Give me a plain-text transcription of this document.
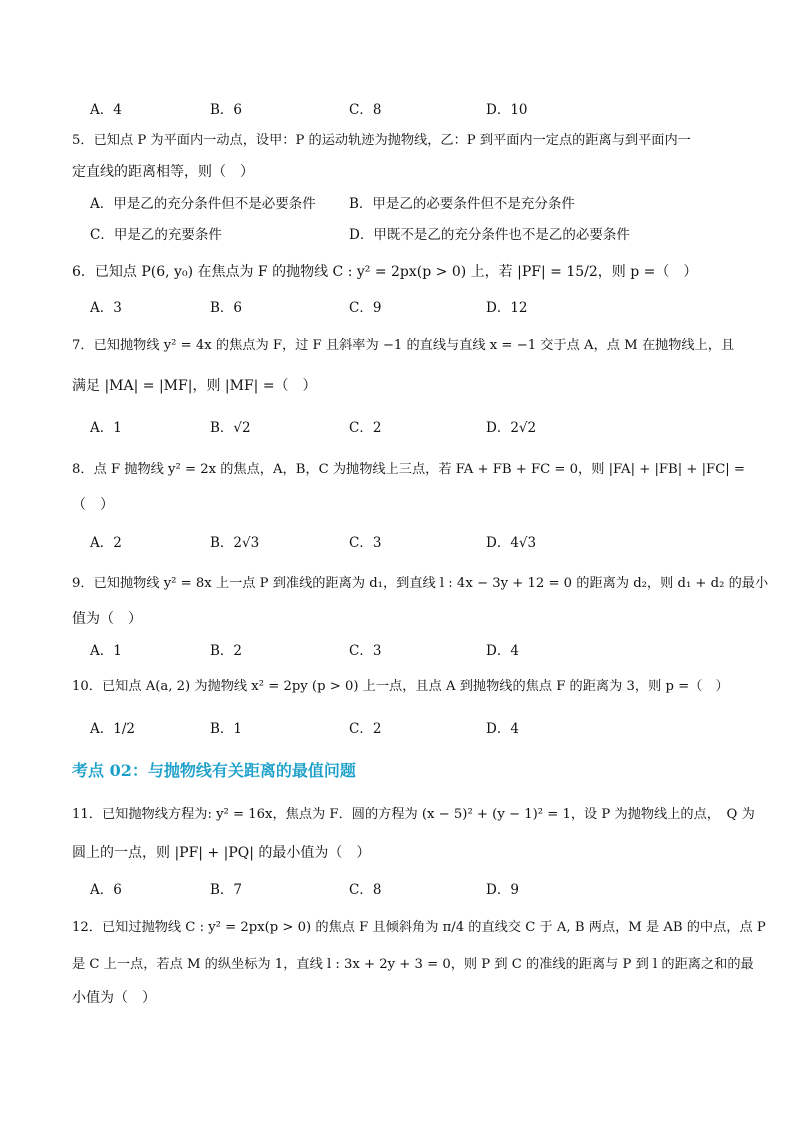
A．4	B．6	C．8	D．10
5．已知点 P 为平面内一动点，设甲：P 的运动轨迹为抛物线，乙：P 到平面内一定点的距离与到平面内一
定直线的距离相等，则（　）
A．甲是乙的充分条件但不是必要条件 B．甲是乙的必要条件但不是充分条件
C．甲是乙的充要条件	D．甲既不是乙的充分条件也不是乙的必要条件
6．已知点 P(6, y₀) 在焦点为 F 的抛物线 C : y² = 2px(p > 0) 上，若 |PF| = 15/2，则 p =（　）
A．3	B．6	C．9	D．12
7．已知抛物线 y² = 4x 的焦点为 F，过 F 且斜率为 −1 的直线与直线 x = −1 交于点 A，点 M 在抛物线上，且
满足 |MA| = |MF|，则 |MF| =（　）
A．1	B．√2	C．2	D．2√2
8．点 F 抛物线 y² = 2x 的焦点，A，B，C 为抛物线上三点，若 FA + FB + FC = 0，则 |FA| + |FB| + |FC| =
（　）
A．2	B．2√3	C．3	D．4√3
9．已知抛物线 y² = 8x 上一点 P 到准线的距离为 d₁，到直线 l : 4x − 3y + 12 = 0 的距离为 d₂，则 d₁ + d₂ 的最小
值为（　）
A．1	B．2	C．3	D．4
10．已知点 A(a, 2) 为抛物线 x² = 2py (p > 0) 上一点，且点 A 到抛物线的焦点 F 的距离为 3，则 p =（　）
A．1/2	B．1	C．2	D．4
考点 02：与抛物线有关距离的最值问题
11．已知抛物线方程为: y² = 16x，焦点为 F．圆的方程为 (x − 5)² + (y − 1)² = 1，设 P 为抛物线上的点，　Q 为
圆上的一点，则 |PF| + |PQ| 的最小值为（　）
A．6	B．7	C．8	D．9
12．已知过抛物线 C : y² = 2px(p > 0) 的焦点 F 且倾斜角为 π/4 的直线交 C 于 A, B 两点，M 是 AB 的中点，点 P
是 C 上一点，若点 M 的纵坐标为 1，直线 l : 3x + 2y + 3 = 0，则 P 到 C 的准线的距离与 P 到 l 的距离之和的最
小值为（　）
